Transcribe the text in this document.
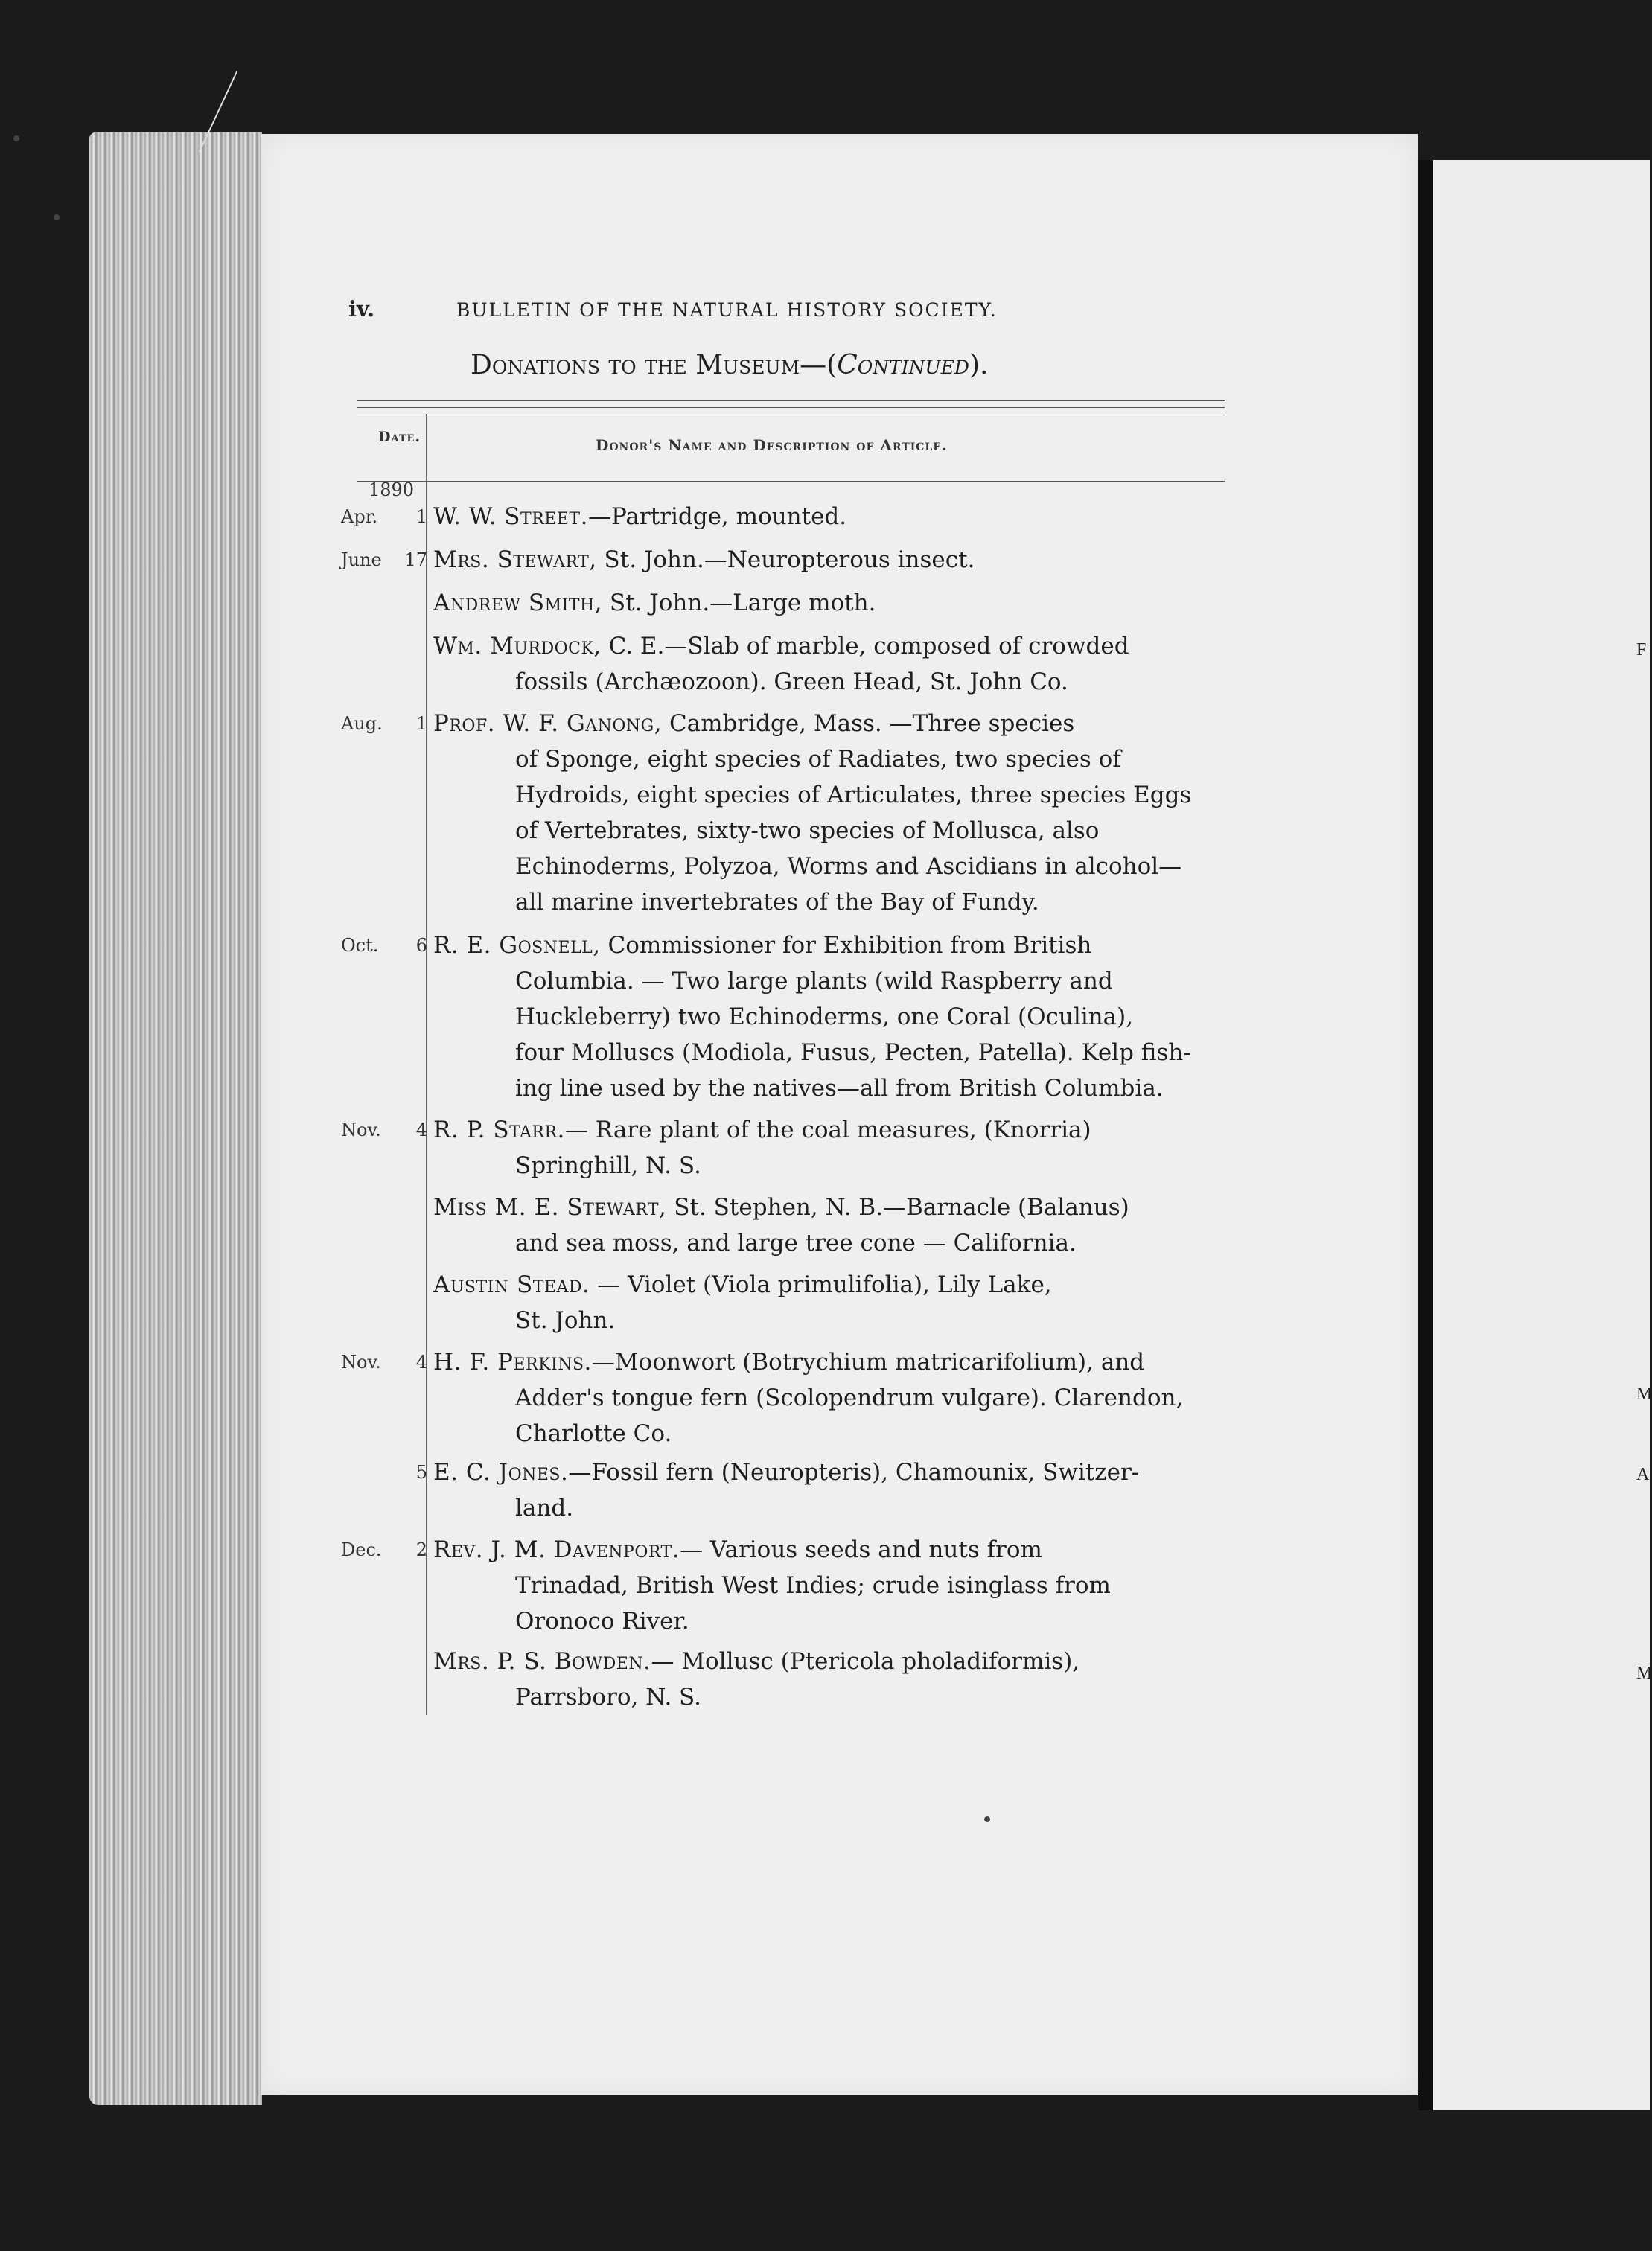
F
M
A
M
iv.	BULLETIN OF THE NATURAL HISTORY SOCIETY.
Donations to the Museum—(Continued).
Date.	Donor's Name and Description of Article.
1890
Apr. 1 W. W. Street.—Partridge, mounted.
June 17 Mrs. Stewart, St. John.—Neuropterous insect.
Andrew Smith, St. John.—Large moth.
Wm. Murdock, C. E.—Slab of marble, composed of crowded
fossils (Archæozoon). Green Head, St. John Co.
Aug. 1 Prof. W. F. Ganong, Cambridge, Mass. —Three species
of Sponge, eight species of Radiates, two species of
Hydroids, eight species of Articulates, three species Eggs
of Vertebrates, sixty-two species of Mollusca, also
Echinoderms, Polyzoa, Worms and Ascidians in alcohol—
all marine invertebrates of the Bay of Fundy.
Oct. 6 R. E. Gosnell, Commissioner for Exhibition from British
Columbia. — Two large plants (wild Raspberry and
Huckleberry) two Echinoderms, one Coral (Oculina),
four Molluscs (Modiola, Fusus, Pecten, Patella). Kelp fish-
ing line used by the natives—all from British Columbia.
Nov. 4 R. P. Starr.— Rare plant of the coal measures, (Knorria)
Springhill, N. S.
Miss M. E. Stewart, St. Stephen, N. B.—Barnacle (Balanus)
and sea moss, and large tree cone — California.
Austin Stead. — Violet (Viola primulifolia), Lily Lake,
St. John.
Nov. 4 H. F. Perkins.—Moonwort (Botrychium matricarifolium), and
Adder's tongue fern (Scolopendrum vulgare). Clarendon,
Charlotte Co.
5 E. C. Jones.—Fossil fern (Neuropteris), Chamounix, Switzer-
land.
Dec. 2 Rev. J. M. Davenport.— Various seeds and nuts from
Trinadad, British West Indies; crude isinglass from
Oronoco River.
Mrs. P. S. Bowden.— Mollusc (Ptericola pholadiformis),
Parrsboro, N. S.
